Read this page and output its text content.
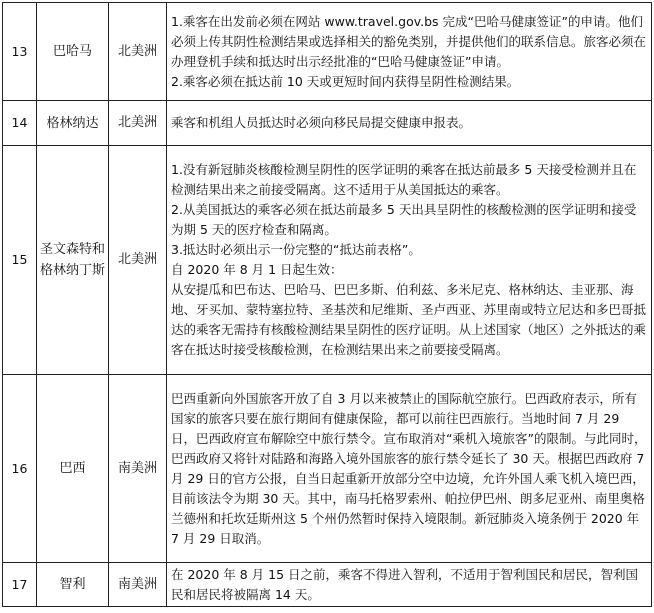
13	巴哈马	北美洲	1.乘客在出发前必须在网站 www.travel.gov.bs 完成“巴哈马健康签证”的申请。他们必须上传其阴性检测结果或选择相关的豁免类别，并提供他们的联系信息。旅客必须在办理登机手续和抵达时出示经批准的“巴哈马健康签证”申请。

2.乘客必须在抵达前 10 天或更短时间内获得呈阴性检测结果。

14	格林纳达	北美洲	乘客和机组人员抵达时必须向移民局提交健康申报表。

15	圣文森特和格林纳丁斯	北美洲	1.没有新冠肺炎核酸检测呈阴性的医学证明的乘客在抵达前最多 5 天接受检测并且在检测结果出来之前接受隔离。这不适用于从美国抵达的乘客。

2.从美国抵达的乘客必须在抵达前最多 5 天出具呈阴性的核酸检测的医学证明和接受为期 5 天的医疗检查和隔离。

3.抵达时必须出示一份完整的“抵达前表格”。

自 2020 年 8 月 1 日起生效：

从安提瓜和巴布达、巴哈马、巴巴多斯、伯利兹、多米尼克、格林纳达、圭亚那、海地、牙买加、蒙特塞拉特、圣基茨和尼维斯、圣卢西亚、苏里南或特立尼达和多巴哥抵达的乘客无需持有核酸检测结果呈阴性的医疗证明。从上述国家（地区）之外抵达的乘客在抵达时接受核酸检测，在检测结果出来之前要接受隔离。

16	巴西	南美洲	巴西重新向外国旅客开放了自 3 月以来被禁止的国际航空旅行。巴西政府表示，所有国家的旅客只要在旅行期间有健康保险，都可以前往巴西旅行。当地时间 7 月 29 日，巴西政府宣布解除空中旅行禁令。宣布取消对“乘机入境旅客”的限制。与此同时，巴西政府又将针对陆路和海路入境外国旅客的旅行禁令延长了 30 天。根据巴西政府 7 月 29 日的官方公报，自当日起重新开放部分空中边境，允许外国人乘飞机入境巴西，目前该法令为期 30 天。其中，南马托格罗索州、帕拉伊巴州、朗多尼亚州、南里奥格兰德州和托坎廷斯州这 5 个州仍然暂时保持入境限制。新冠肺炎入境条例于 2020 年 7 月 29 日取消。

17	智利	南美洲	在 2020 年 8 月 15 日之前，乘客不得进入智利，不适用于智利国民和居民，智利国民和居民将被隔离 14 天。
